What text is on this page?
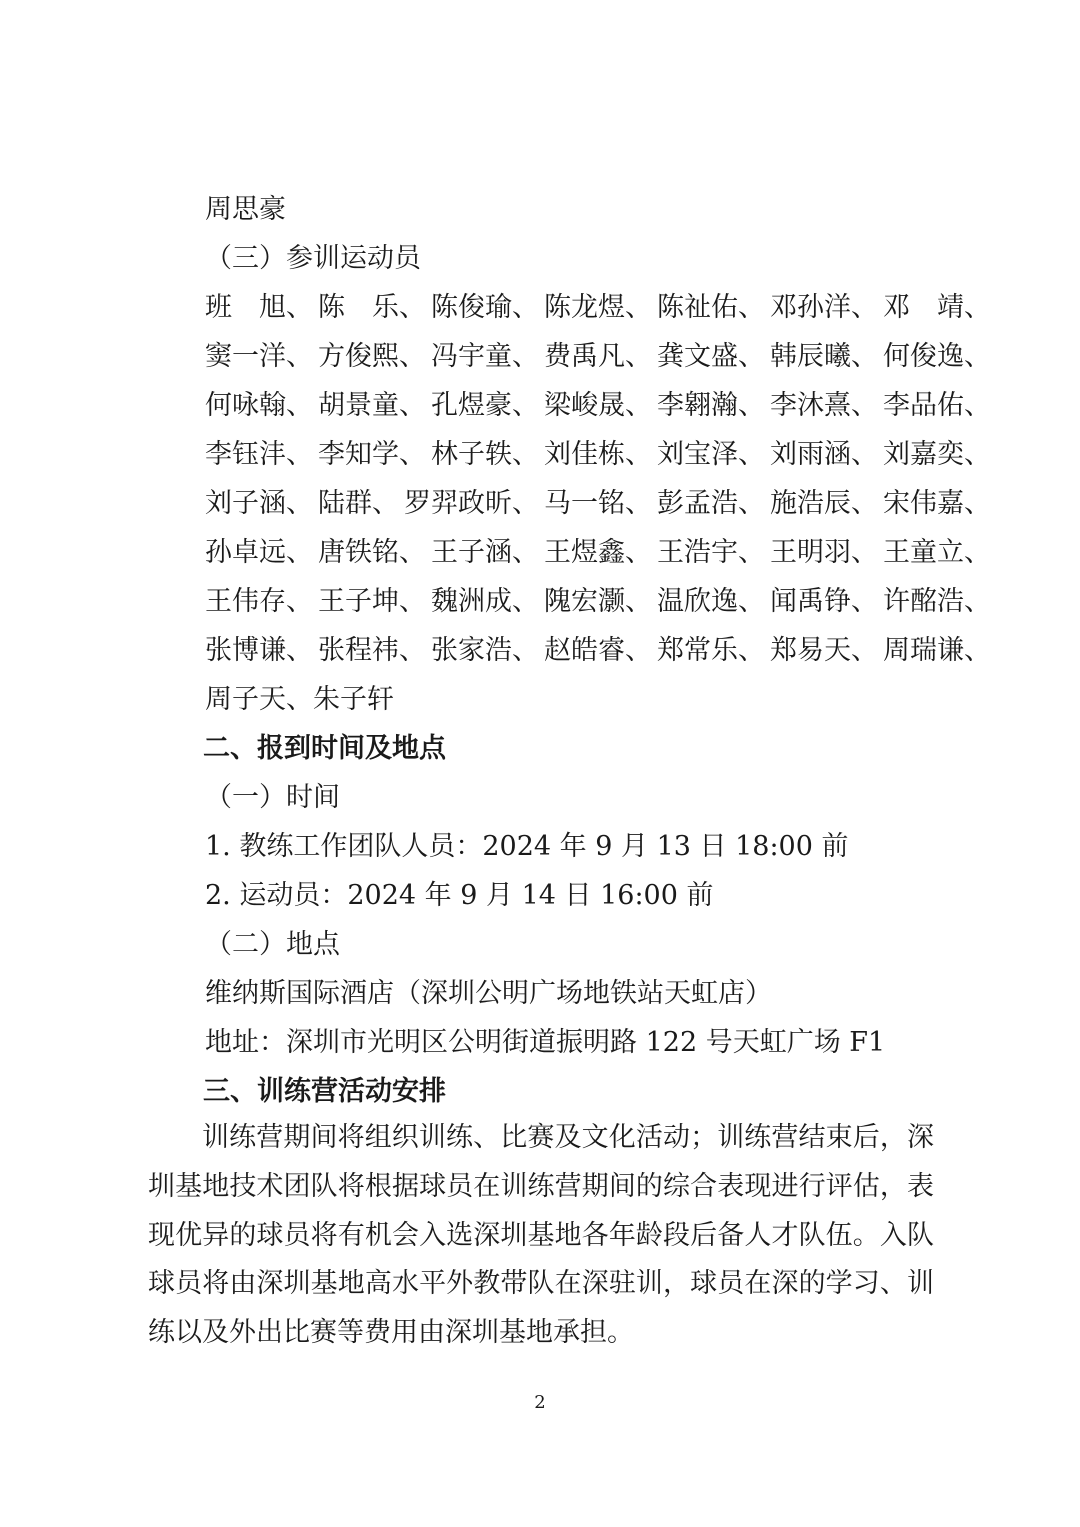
周思豪

（三）参训运动员

班　旭、 陈　乐、 陈俊瑜、 陈龙煜、 陈祉佑、 邓孙洋、 邓　靖、
窦一洋、 方俊熙、 冯宇童、 费禹凡、 龚文盛、 韩辰曦、 何俊逸、
何咏翰、 胡景童、 孔煜豪、 梁峻晟、 李翱瀚、 李沐熹、 李品佑、
李钰沣、 李知学、 林子轶、 刘佳栋、 刘宝泽、 刘雨涵、 刘嘉奕、
刘子涵、 陆群、 罗羿政昕、 马一铭、 彭孟浩、 施浩辰、 宋伟嘉、
孙卓远、 唐铁铭、 王子涵、 王煜鑫、 王浩宇、 王明羽、 王童立、
王伟存、 王子坤、 魏洲成、 隗宏灏、 温欣逸、 闻禹铮、 许酩浩、
张博谦、 张程祎、 张家浩、 赵皓睿、 郑常乐、 郑易天、 周瑞谦、

周子天、朱子轩

二、报到时间及地点

（一）时间

1. 教练工作团队人员：2024 年 9 月 13 日 18:00 前

2. 运动员：2024 年 9 月 14 日 16:00 前

（二）地点

维纳斯国际酒店（深圳公明广场地铁站天虹店）

地址：深圳市光明区公明街道振明路 122 号天虹广场 F1

三、训练营活动安排

训练营期间将组织训练、比赛及文化活动；训练营结束后，深圳基地技术团队将根据球员在训练营期间的综合表现进行评估，表现优异的球员将有机会入选深圳基地各年龄段后备人才队伍。入队球员将由深圳基地高水平外教带队在深驻训，球员在深的学习、训练以及外出比赛等费用由深圳基地承担。

2
